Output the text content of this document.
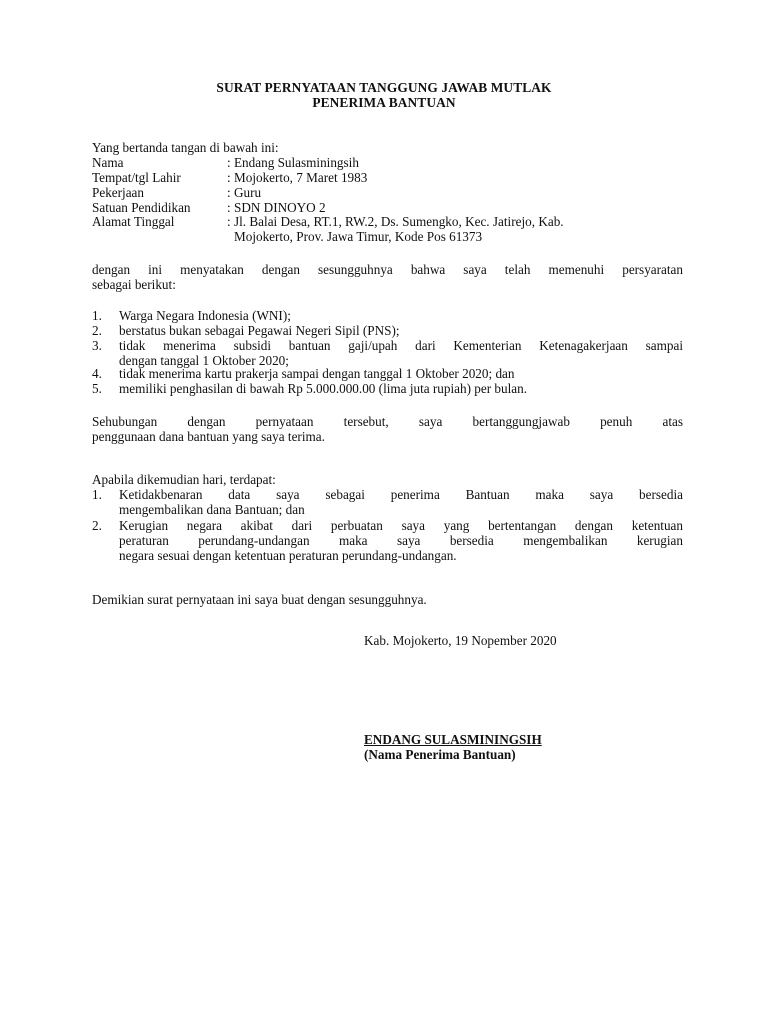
SURAT PERNYATAAN TANGGUNG JAWAB MUTLAK
PENERIMA BANTUAN
Yang bertanda tangan di bawah ini:
Nama	: Endang Sulasminingsih
Tempat/tgl Lahir	: Mojokerto, 7 Maret 1983
Pekerjaan	: Guru
Satuan Pendidikan	: SDN DINOYO 2
Alamat Tinggal	: Jl. Balai Desa, RT.1, RW.2, Ds. Sumengko, Kec. Jatirejo, Kab.
Mojokerto, Prov. Jawa Timur, Kode Pos 61373
dengan ini menyatakan dengan sesungguhnya bahwa saya telah memenuhi persyaratan
sebagai berikut:
1. Warga Negara Indonesia (WNI);
2. berstatus bukan sebagai Pegawai Negeri Sipil (PNS);
3. tidak menerima subsidi bantuan gaji/upah dari Kementerian Ketenagakerjaan sampai
dengan tanggal 1 Oktober 2020;
4. tidak menerima kartu prakerja sampai dengan tanggal 1 Oktober 2020; dan
5. memiliki penghasilan di bawah Rp 5.000.000.00 (lima juta rupiah) per bulan.
Sehubungan dengan pernyataan tersebut, saya bertanggungjawab penuh atas
penggunaan dana bantuan yang saya terima.
Apabila dikemudian hari, terdapat:
1. Ketidakbenaran data saya sebagai penerima Bantuan maka saya bersedia
mengembalikan dana Bantuan; dan
2. Kerugian negara akibat dari perbuatan saya yang bertentangan dengan ketentuan
peraturan perundang-undangan maka saya bersedia mengembalikan kerugian
negara sesuai dengan ketentuan peraturan perundang-undangan.
Demikian surat pernyataan ini saya buat dengan sesungguhnya.
Kab. Mojokerto, 19 Nopember 2020
ENDANG SULASMININGSIH
(Nama Penerima Bantuan)
